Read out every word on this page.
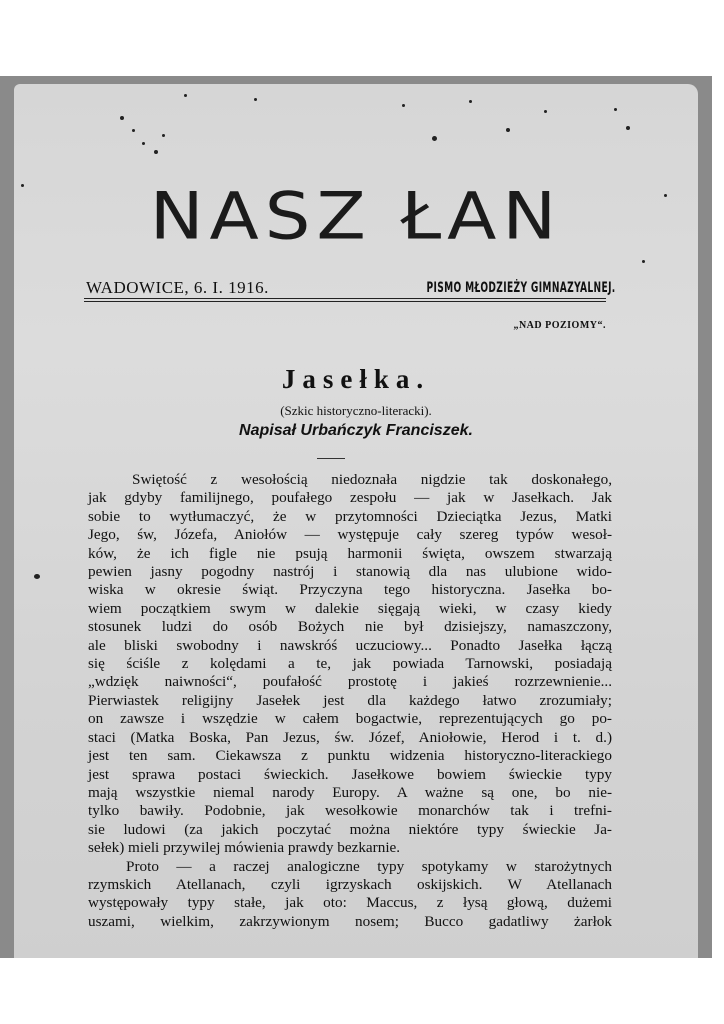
NASZ ŁAN
WADOWICE, 6. I. 1916.	PISMO MŁODZIEŻY GIMNAZYALNEJ.
„NAD POZIOMY“.
Jasełka.
(Szkic historyczno-literacki).
Napisał Urbańczyk Franciszek.
Swiętość z wesołością niedoznała nigdzie tak doskonałego,
jak gdyby familijnego, poufałego zespołu — jak w Jasełkach. Jak
sobie to wytłumaczyć, że w przytomności Dzieciątka Jezus, Matki
Jego, św, Józefa, Aniołów — występuje cały szereg typów wesoł-
ków, że ich figle nie psują harmonii święta, owszem stwarzają
pewien jasny pogodny nastrój i stanowią dla nas ulubione wido-
wiska w okresie świąt. Przyczyna tego historyczna. Jasełka bo-
wiem początkiem swym w dalekie sięgają wieki, w czasy kiedy
stosunek ludzi do osób Bożych nie był dzisiejszy, namaszczony,
ale bliski swobodny i nawskróś uczuciowy... Ponadto Jasełka łączą
się ściśle z kolędami a te, jak powiada Tarnowski, posiadają
„wdzięk naiwności“, poufałość prostotę i jakieś rozrzewnienie...
Pierwiastek religijny Jasełek jest dla każdego łatwo zrozumiały;
on zawsze i wszędzie w całem bogactwie, reprezentujących go po-
staci (Matka Boska, Pan Jezus, św. Józef, Aniołowie, Herod i t. d.)
jest ten sam. Ciekawsza z punktu widzenia historyczno-literackiego
jest sprawa postaci świeckich. Jasełkowe bowiem świeckie typy
mają wszystkie niemal narody Europy. A ważne są one, bo nie-
tylko bawiły. Podobnie, jak wesołkowie monarchów tak i trefni-
sie ludowi (za jakich poczytać można niektóre typy świeckie Ja-
sełek) mieli przywilej mówienia prawdy bezkarnie.
Proto — a raczej analogiczne typy spotykamy w starożytnych
rzymskich Atellanach, czyli igrzyskach oskijskich. W Atellanach
występowały typy stałe, jak oto: Maccus, z łysą głową, dużemi
uszami, wielkim, zakrzywionym nosem; Bucco gadatliwy żarłok
